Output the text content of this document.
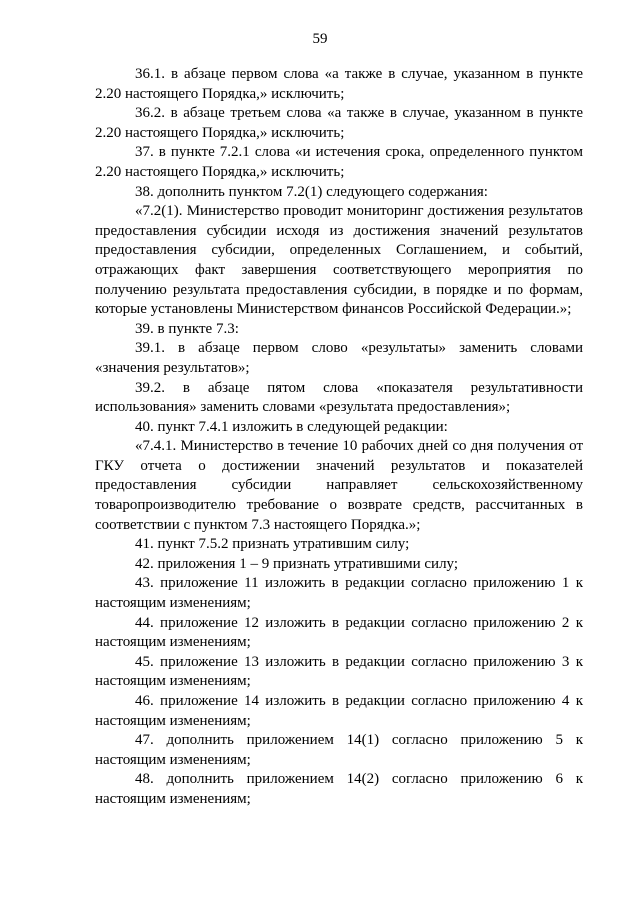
59

36.1. в абзаце первом слова «а также в случае, указанном в пункте 2.20 настоящего Порядка,» исключить;

36.2. в абзаце третьем слова «а также в случае, указанном в пункте 2.20 настоящего Порядка,» исключить;

37. в пункте 7.2.1 слова «и истечения срока, определенного пунктом 2.20 настоящего Порядка,» исключить;

38. дополнить пунктом 7.2(1) следующего содержания:

«7.2(1). Министерство проводит мониторинг достижения результатов предоставления субсидии исходя из достижения значений результатов предоставления субсидии, определенных Соглашением, и событий, отражающих факт завершения соответствующего мероприятия по получению результата предоставления субсидии, в порядке и по формам, которые установлены Министерством финансов Российской Федерации.»;

39. в пункте 7.3:

39.1. в абзаце первом слово «результаты» заменить словами «значения результатов»;

39.2. в абзаце пятом слова «показателя результативности использования» заменить словами «результата предоставления»;

40. пункт 7.4.1 изложить в следующей редакции:

«7.4.1. Министерство в течение 10 рабочих дней со дня получения от ГКУ отчета о достижении значений результатов и показателей предоставления субсидии направляет сельскохозяйственному товаропроизводителю требование о возврате средств, рассчитанных в соответствии с пунктом 7.3 настоящего Порядка.»;

41. пункт 7.5.2 признать утратившим силу;

42. приложения 1 – 9 признать утратившими силу;

43. приложение 11 изложить в редакции согласно приложению 1 к настоящим изменениям;

44. приложение 12 изложить в редакции согласно приложению 2 к настоящим изменениям;

45. приложение 13 изложить в редакции согласно приложению 3 к настоящим изменениям;

46. приложение 14 изложить в редакции согласно приложению 4 к настоящим изменениям;

47. дополнить приложением 14(1) согласно приложению 5 к настоящим изменениям;

48. дополнить приложением 14(2) согласно приложению 6 к настоящим изменениям;
